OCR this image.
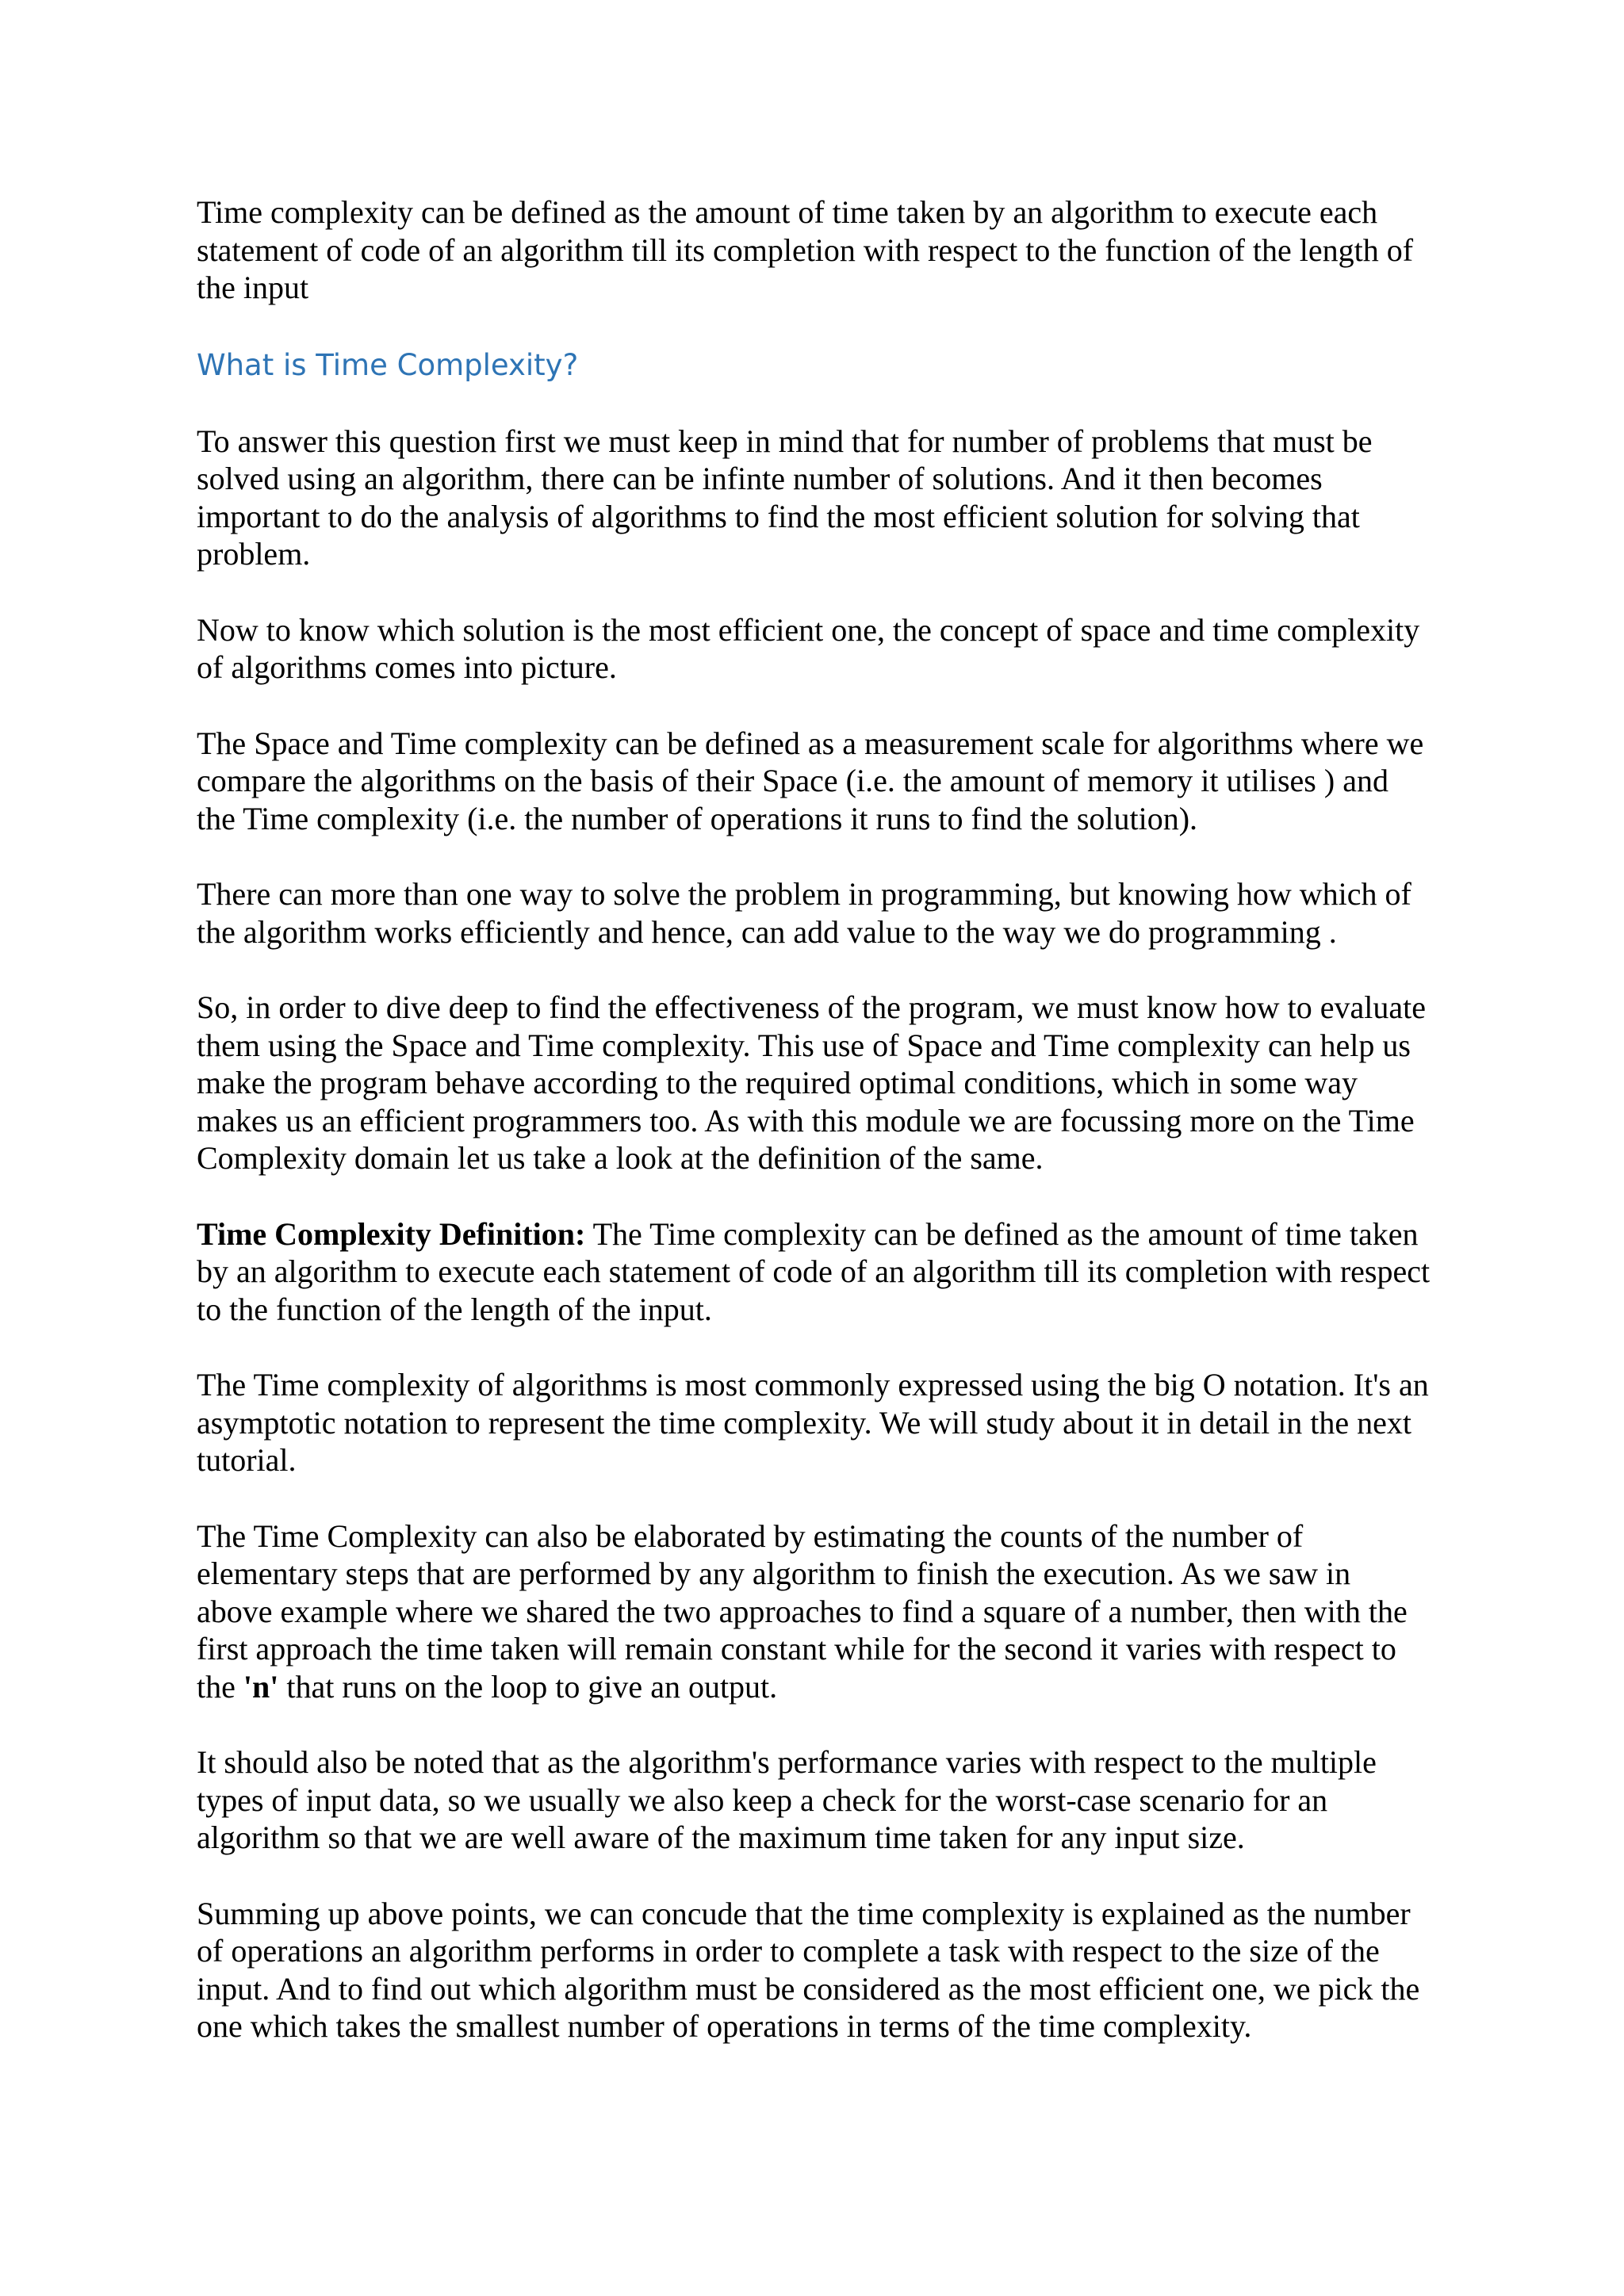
Time complexity can be defined as the amount of time taken by an algorithm to execute each statement of code of an algorithm till its completion with respect to the function of the length of the input

What is Time Complexity?

To answer this question first we must keep in mind that for number of problems that must be solved using an algorithm, there can be infinte number of solutions. And it then becomes important to do the analysis of algorithms to find the most efficient solution for solving that problem.

Now to know which solution is the most efficient one, the concept of space and time complexity of algorithms comes into picture.

The Space and Time complexity can be defined as a measurement scale for algorithms where we compare the algorithms on the basis of their Space (i.e. the amount of memory it utilises ) and the Time complexity (i.e. the number of operations it runs to find the solution).

There can more than one way to solve the problem in programming, but knowing how which of the algorithm works efficiently and hence, can add value to the way we do programming .

So, in order to dive deep to find the effectiveness of the program, we must know how to evaluate them using the Space and Time complexity. This use of Space and Time complexity can help us make the program behave according to the required optimal conditions, which in some way makes us an efficient programmers too. As with this module we are focussing more on the Time Complexity domain let us take a look at the definition of the same.

Time Complexity Definition: The Time complexity can be defined as the amount of time taken by an algorithm to execute each statement of code of an algorithm till its completion with respect to the function of the length of the input.

The Time complexity of algorithms is most commonly expressed using the big O notation. It's an asymptotic notation to represent the time complexity. We will study about it in detail in the next tutorial.

The Time Complexity can also be elaborated by estimating the counts of the number of elementary steps that are performed by any algorithm to finish the execution. As we saw in above example where we shared the two approaches to find a square of a number, then with the first approach the time taken will remain constant while for the second it varies with respect to the 'n' that runs on the loop to give an output.

It should also be noted that as the algorithm's performance varies with respect to the multiple types of input data, so we usually we also keep a check for the worst-case scenario for an algorithm so that we are well aware of the maximum time taken for any input size.

Summing up above points, we can concude that the time complexity is explained as the number of operations an algorithm performs in order to complete a task with respect to the size of the input. And to find out which algorithm must be considered as the most efficient one, we pick the one which takes the smallest number of operations in terms of the time complexity.
